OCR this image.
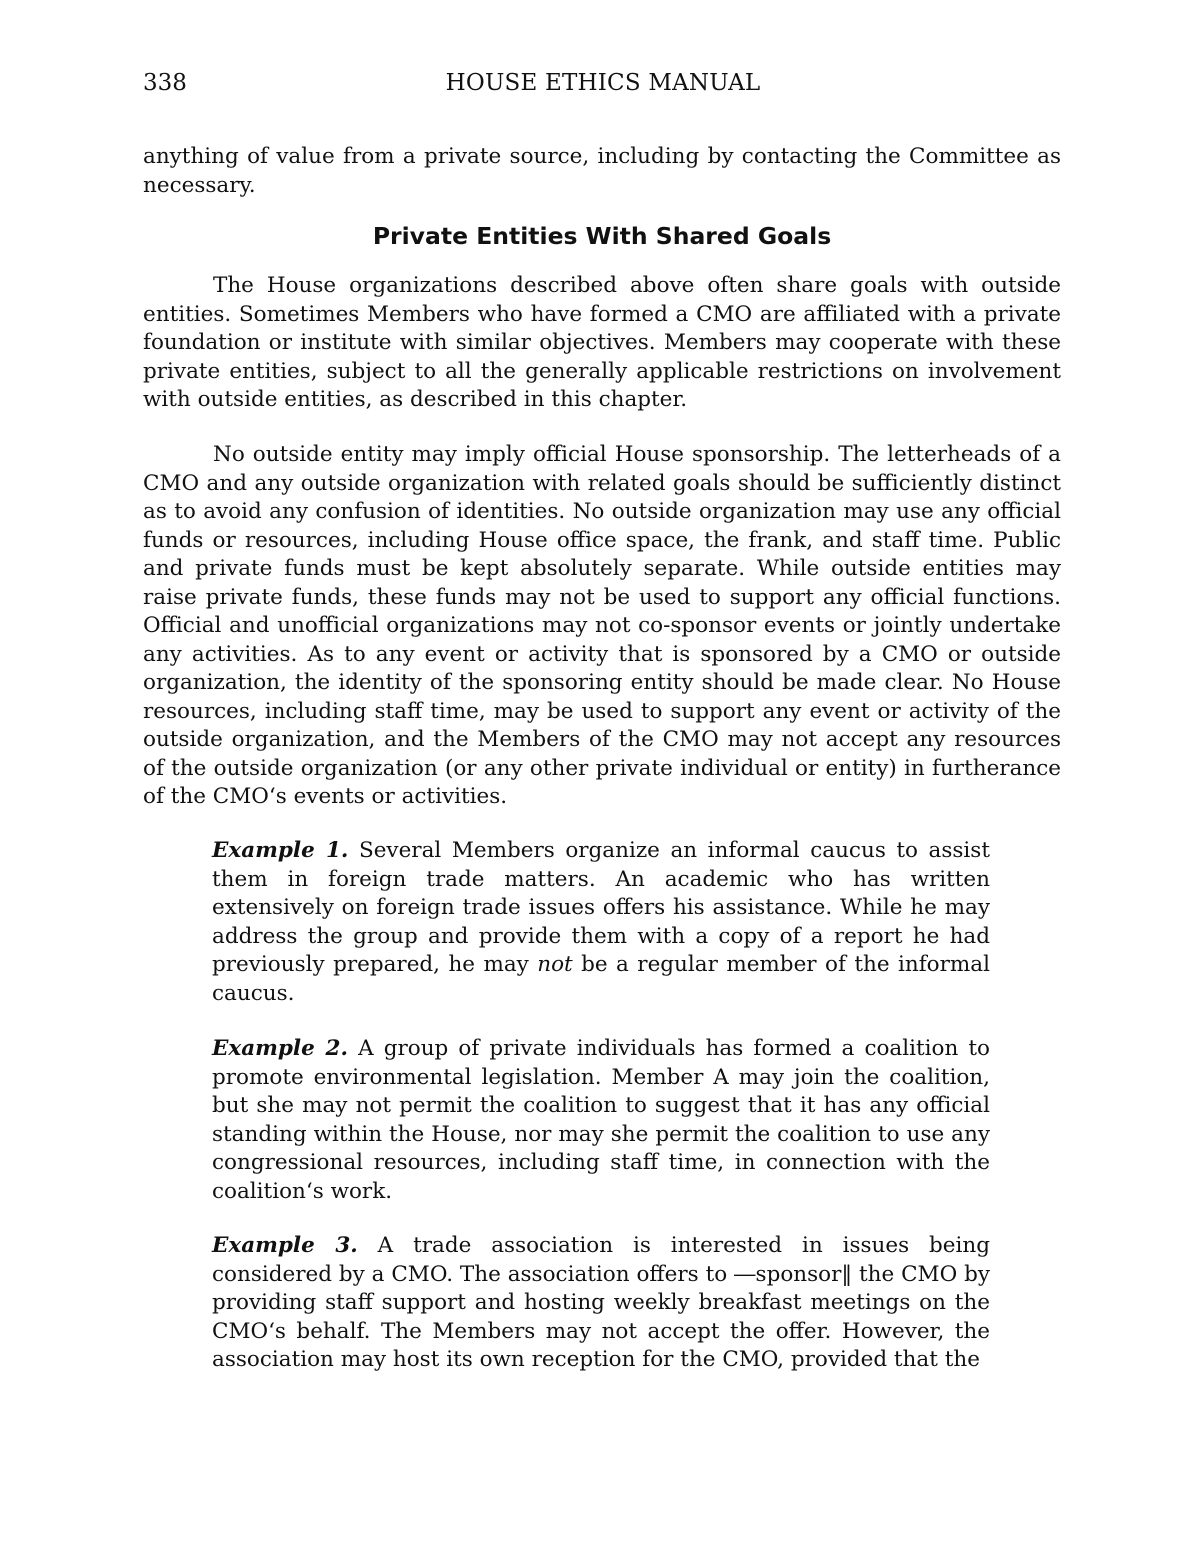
338	HOUSE ETHICS MANUAL

anything of value from a private source, including by contacting the Committee as necessary.

Private Entities With Shared Goals

The House organizations described above often share goals with outside entities. Sometimes Members who have formed a CMO are affiliated with a private foundation or institute with similar objectives. Members may cooperate with these private entities, subject to all the generally applicable restrictions on involvement with outside entities, as described in this chapter.

No outside entity may imply official House sponsorship. The letterheads of a CMO and any outside organization with related goals should be sufficiently distinct as to avoid any confusion of identities. No outside organization may use any official funds or resources, including House office space, the frank, and staff time. Public and private funds must be kept absolutely separate. While outside entities may raise private funds, these funds may not be used to support any official functions. Official and unofficial organizations may not co-sponsor events or jointly undertake any activities. As to any event or activity that is sponsored by a CMO or outside organization, the identity of the sponsoring entity should be made clear. No House resources, including staff time, may be used to support any event or activity of the outside organization, and the Members of the CMO may not accept any resources of the outside organization (or any other private individual or entity) in furtherance of the CMO‘s events or activities.

Example 1. Several Members organize an informal caucus to assist them in foreign trade matters. An academic who has written extensively on foreign trade issues offers his assistance. While he may address the group and provide them with a copy of a report he had previously prepared, he may not be a regular member of the informal caucus.

Example 2. A group of private individuals has formed a coalition to promote environmental legislation. Member A may join the coalition, but she may not permit the coalition to suggest that it has any official standing within the House, nor may she permit the coalition to use any congressional resources, including staff time, in connection with the coalition‘s work.

Example 3. A trade association is interested in issues being considered by a CMO. The association offers to ―sponsor‖ the CMO by providing staff support and hosting weekly breakfast meetings on the CMO‘s behalf. The Members may not accept the offer. However, the association may host its own reception for the CMO, provided that the
